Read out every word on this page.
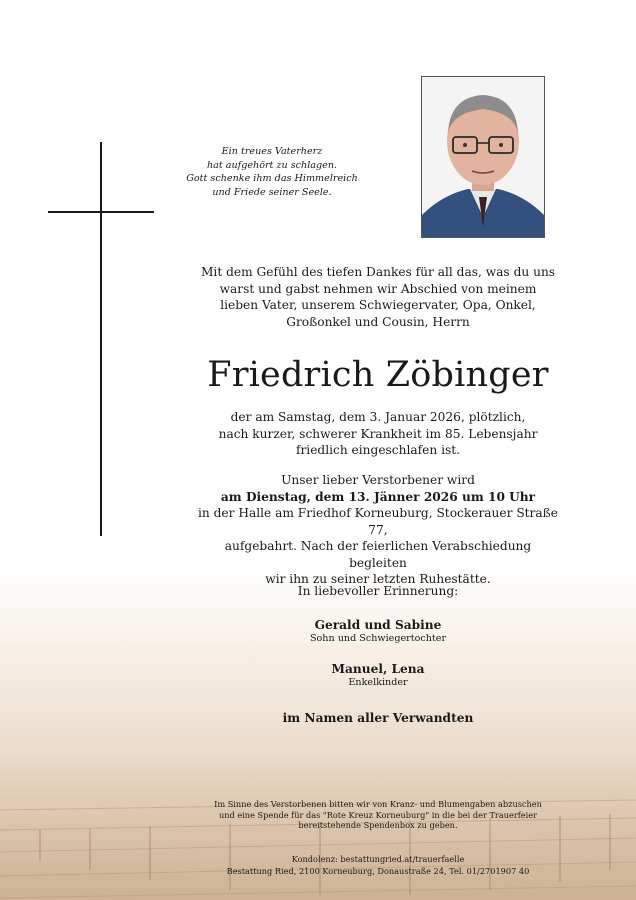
Ein treues Vaterherz
hat aufgehört zu schlagen.
Gott schenke ihm das Himmelreich
und Friede seiner Seele.
Mit dem Gefühl des tiefen Dankes für all das, was du uns
warst und gabst nehmen wir Abschied von meinem
lieben Vater, unserem Schwiegervater, Opa, Onkel,
Großonkel und Cousin, Herrn
Friedrich Zöbinger
der am Samstag, dem 3. Januar 2026, plötzlich,
nach kurzer, schwerer Krankheit im 85. Lebensjahr
friedlich eingeschlafen ist.
Unser lieber Verstorbener wird
am Dienstag, dem 13. Jänner 2026 um 10 Uhr
in der Halle am Friedhof Korneuburg, Stockerauer Straße 77,
aufgebahrt. Nach der feierlichen Verabschiedung begleiten
wir ihn zu seiner letzten Ruhestätte.
In liebevoller Erinnerung:
Gerald und Sabine
Sohn und Schwiegertochter
Manuel, Lena
Enkelkinder
im Namen aller Verwandten
Im Sinne des Verstorbenen bitten wir von Kranz- und Blumengaben abzuschen
und eine Spende für das "Rote Kreuz Korneuburg" in die bei der Trauerfeier
bereitstehende Spendenbox zu geben.
Kondolenz: bestattungried.at/trauerfaelle
Bestattung Ried, 2100 Korneuburg, Donaustraße 24, Tel. 01/2701907 40
